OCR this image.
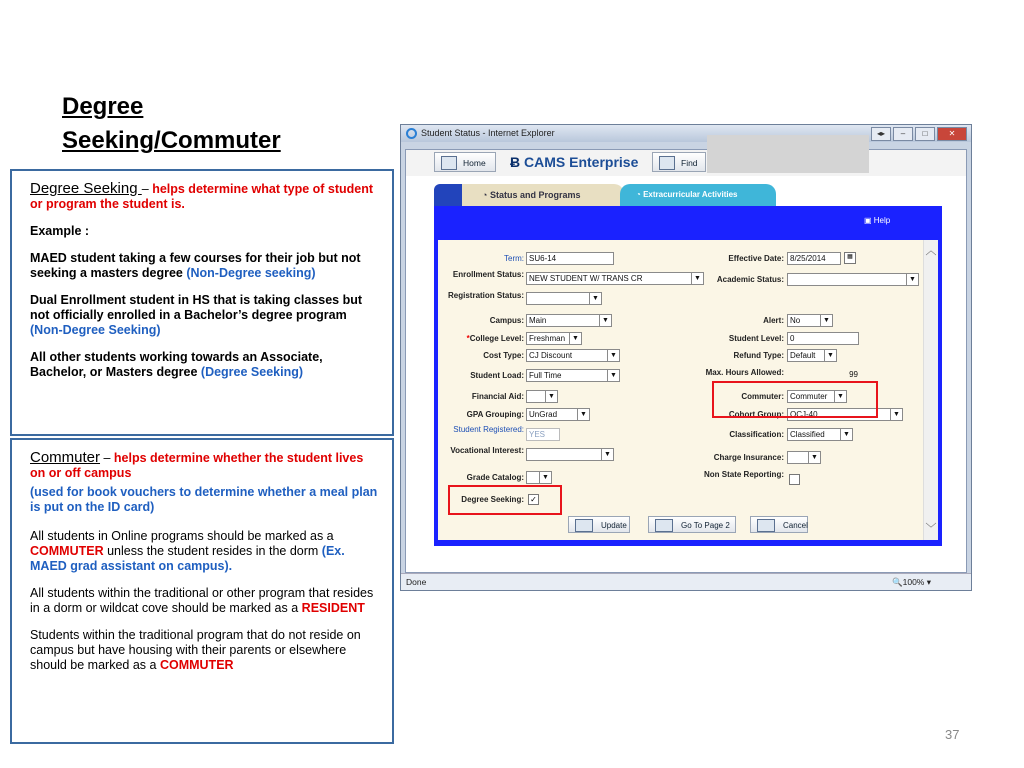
Degree
Seeking/Commuter

Degree Seeking – helps determine what type of student or program the student is.

Example :

MAED student taking a few courses for their job but not seeking a masters degree (Non-Degree seeking)

Dual Enrollment student in HS that is taking classes but not officially enrolled in a Bachelor’s degree program (Non-Degree Seeking)

All other students working towards an Associate, Bachelor, or Masters degree (Degree Seeking)

Commuter – helps determine whether the student lives on or off campus

(used for book vouchers to determine whether a meal plan is put on the ID card)

All students in Online programs should be marked as a COMMUTER unless the student resides in the dorm (Ex. MAED grad assistant on campus).

All students within the traditional or other program that resides in a dorm or wildcat cove should be marked as a RESIDENT

Students within the traditional program that do not reside on campus but have housing with their parents or elsewhere should be marked as a COMMUTER

37
Student Status - Internet Explorer	◂▸	–	□	✕
Home	Ƀ CAMS Enterprise	Find
◔ Status and Programs	◔ Extracurricular Activities
▣ Help
Term: SU6-14
Enrollment Status: NEW STUDENT W/ TRANS CR	▼
Registration Status:	▼
Campus: Main	▼
*College Level: Freshman	▼
Cost Type: CJ Discount	▼
Student Load: Full Time	▼
Financial Aid:	▼
GPA Grouping: UnGrad	▼
Student Registered:
YES
Vocational Interest:	▼
Grade Catalog:	▼
Degree Seeking: ✓
Effective Date: 8/25/2014	▦
Academic Status:	▼
Alert: No	▼
Student Level: 0
Refund Type: Default	▼
Max. Hours Allowed:	99
Commuter: Commuter	▼
Cohort Group: OCJ-40	▼
Classification: Classified	▼
Charge Insurance:	▼
Non State Reporting:
Update	Go To Page 2	Cancel
︿
﹀
Done	🔍100% ▾
